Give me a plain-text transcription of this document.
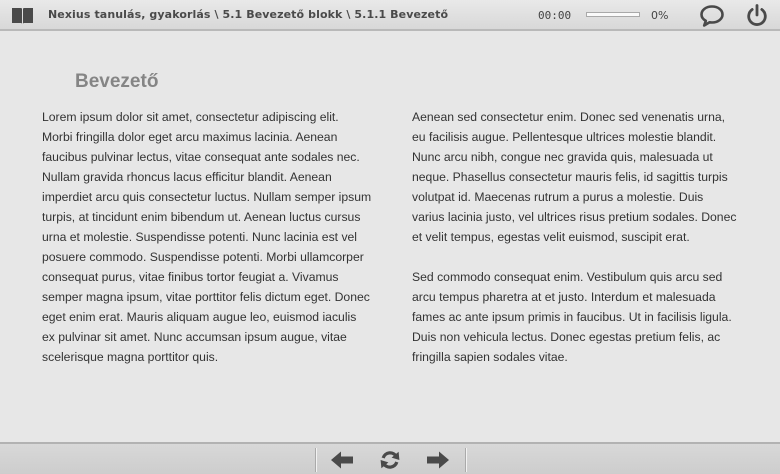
Nexius tanulás, gyakorlás \ 5.1 Bevezető blokk \ 5.1.1 Bevezető	00:00	0%
Bevezető

Lorem ipsum dolor sit amet, consectetur adipiscing elit. Morbi fringilla dolor eget arcu maximus lacinia. Aenean faucibus pulvinar lectus, vitae consequat ante sodales nec. Nullam gravida rhoncus lacus efficitur blandit. Aenean imperdiet arcu quis consectetur luctus. Nullam semper ipsum turpis, at tincidunt enim bibendum ut. Aenean luctus cursus urna et molestie. Suspendisse potenti. Nunc lacinia est vel posuere commodo. Suspendisse potenti. Morbi ullamcorper consequat purus, vitae finibus tortor feugiat a. Vivamus semper magna ipsum, vitae porttitor felis dictum eget. Donec eget enim erat. Mauris aliquam augue leo, euismod iaculis ex pulvinar sit amet. Nunc accumsan ipsum augue, vitae scelerisque magna porttitor quis.

Aenean sed consectetur enim. Donec sed venenatis urna, eu facilisis augue. Pellentesque ultrices molestie blandit. Nunc arcu nibh, congue nec gravida quis, malesuada ut neque. Phasellus consectetur mauris felis, id sagittis turpis volutpat id. Maecenas rutrum a purus a molestie. Duis varius lacinia justo, vel ultrices risus pretium sodales. Donec et velit tempus, egestas velit euismod, suscipit erat.

Sed commodo consequat enim. Vestibulum quis arcu sed arcu tempus pharetra at et justo. Interdum et malesuada fames ac ante ipsum primis in faucibus. Ut in facilisis ligula. Duis non vehicula lectus. Donec egestas pretium felis, ac fringilla sapien sodales vitae.
